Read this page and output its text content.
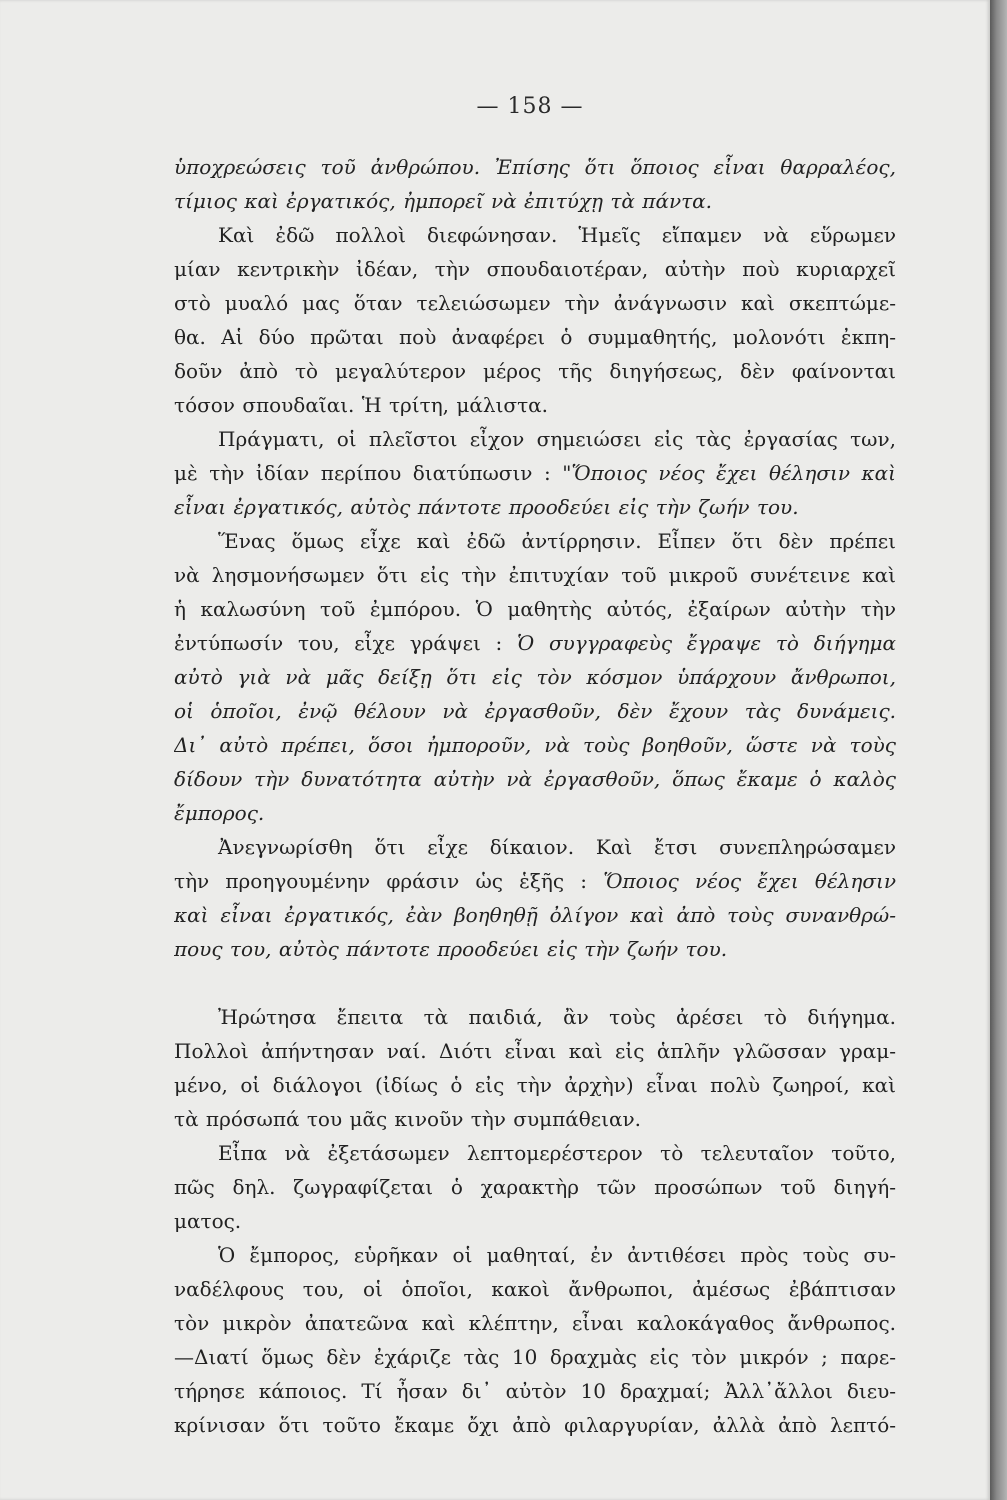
— 158 —
ὑποχρεώσεις τοῦ ἀνθρώπου. Ἐπίσης ὅτι ὅποιος εἶναι θαρραλέος,
τίμιος καὶ ἐργατικός, ἠμπορεῖ νὰ ἐπιτύχῃ τὰ πάντα.
Καὶ ἐδῶ πολλοὶ διεφώνησαν. Ἡμεῖς εἴπαμεν νὰ εὕρωμεν
μίαν κεντρικὴν ἰδέαν, τὴν σπουδαιοτέραν, αὐτὴν ποὺ κυριαρχεῖ
στὸ μυαλό μας ὅταν τελειώσωμεν τὴν ἀνάγνωσιν καὶ σκεπτώμε-
θα. Αἱ δύο πρῶται ποὺ ἀναφέρει ὁ συμμαθητής, μολονότι ἐκπη-
δοῦν ἀπὸ τὸ μεγαλύτερον μέρος τῆς διηγήσεως, δὲν φαίνονται
τόσον σπουδαῖαι. Ἡ τρίτη, μάλιστα.
Πράγματι, οἱ πλεῖστοι εἶχον σημειώσει εἰς τὰς ἐργασίας των,
μὲ τὴν ἰδίαν περίπου διατύπωσιν : "Ὅποιος νέος ἔχει θέλησιν καὶ
εἶναι ἐργατικός, αὐτὸς πάντοτε προοδεύει εἰς τὴν ζωήν του.
Ἕνας ὅμως εἶχε καὶ ἐδῶ ἀντίρρησιν. Εἶπεν ὅτι δὲν πρέπει
νὰ λησμονήσωμεν ὅτι εἰς τὴν ἐπιτυχίαν τοῦ μικροῦ συνέτεινε καὶ
ἡ καλωσύνη τοῦ ἐμπόρου. Ὁ μαθητὴς αὐτός, ἐξαίρων αὐτὴν τὴν
ἐντύπωσίν του, εἶχε γράψει : Ὁ συγγραφεὺς ἔγραψε τὸ διήγημα
αὐτὸ γιὰ νὰ μᾶς δείξῃ ὅτι εἰς τὸν κόσμον ὑπάρχουν ἄνθρωποι,
οἱ ὁποῖοι, ἐνῷ θέλουν νὰ ἐργασθοῦν, δὲν ἔχουν τὰς δυνάμεις.
Δι᾿ αὐτὸ πρέπει, ὅσοι ἠμποροῦν, νὰ τοὺς βοηθοῦν, ὥστε νὰ τοὺς
δίδουν τὴν δυνατότητα αὐτὴν νὰ ἐργασθοῦν, ὅπως ἔκαμε ὁ καλὸς
ἔμπορος.
Ἀνεγνωρίσθη ὅτι εἶχε δίκαιον. Καὶ ἔτσι συνεπληρώσαμεν
τὴν προηγουμένην φράσιν ὡς ἑξῆς : Ὅποιος νέος ἔχει θέλησιν
καὶ εἶναι ἐργατικός, ἐὰν βοηθηθῇ ὀλίγον καὶ ἀπὸ τοὺς συνανθρώ-
πους του, αὐτὸς πάντοτε προοδεύει εἰς τὴν ζωήν του.
Ἠρώτησα ἔπειτα τὰ παιδιά, ἂν τοὺς ἀρέσει τὸ διήγημα.
Πολλοὶ ἀπήντησαν ναί. Διότι εἶναι καὶ εἰς ἁπλῆν γλῶσσαν γραμ-
μένο, οἱ διάλογοι (ἰδίως ὁ εἰς τὴν ἀρχὴν) εἶναι πολὺ ζωηροί, καὶ
τὰ πρόσωπά του μᾶς κινοῦν τὴν συμπάθειαν.
Εἶπα νὰ ἐξετάσωμεν λεπτομερέστερον τὸ τελευταῖον τοῦτο,
πῶς δηλ. ζωγραφίζεται ὁ χαρακτὴρ τῶν προσώπων τοῦ διηγή-
ματος.
Ὁ ἔμπορος, εὑρῆκαν οἱ μαθηταί, ἐν ἀντιθέσει πρὸς τοὺς συ-
ναδέλφους του, οἱ ὁποῖοι, κακοὶ ἄνθρωποι, ἀμέσως ἐβάπτισαν
τὸν μικρὸν ἀπατεῶνα καὶ κλέπτην, εἶναι καλοκάγαθος ἄνθρωπος.
—Διατί ὅμως δὲν ἐχάριζε τὰς 10 δραχμὰς εἰς τὸν μικρόν ; παρε-
τήρησε κάποιος. Τί ἦσαν δι᾿ αὐτὸν 10 δραχμαί; Ἀλλ᾿ἄλλοι διευ-
κρίνισαν ὅτι τοῦτο ἔκαμε ὄχι ἀπὸ φιλαργυρίαν, ἀλλὰ ἀπὸ λεπτό-
